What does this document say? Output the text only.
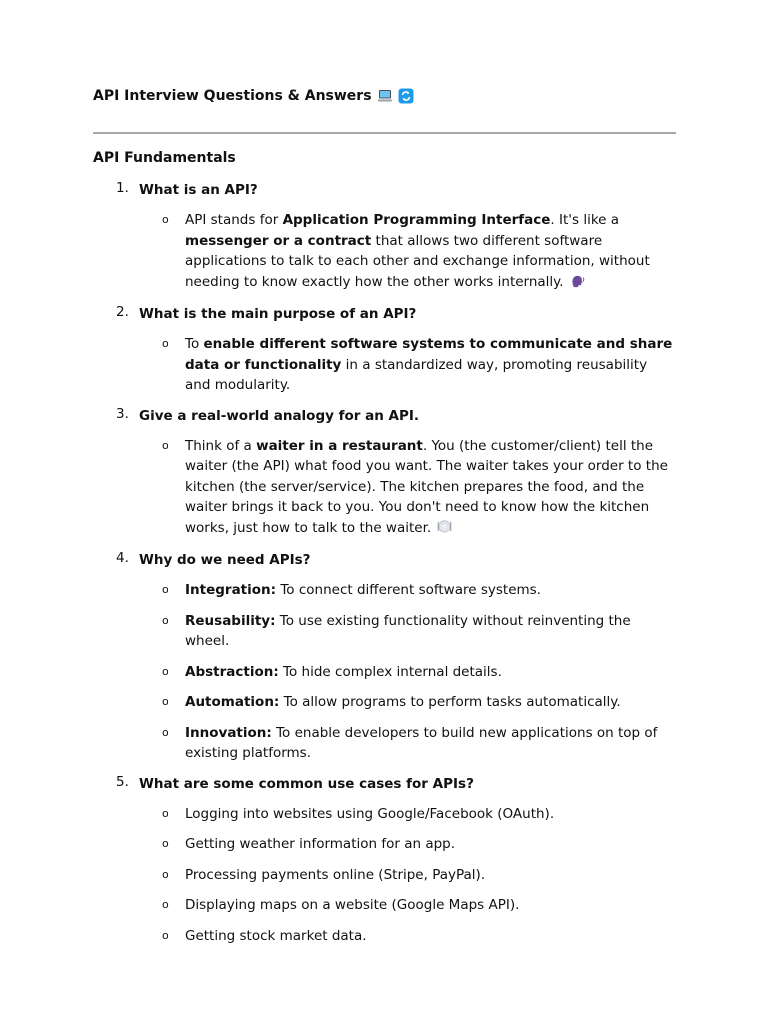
API Interview Questions & Answers
API Fundamentals
1. What is an API?
o API stands for Application Programming Interface. It's like a messenger or a contract that allows two different software applications to talk to each other and exchange information, without needing to know exactly how the other works internally.
2. What is the main purpose of an API?
o To enable different software systems to communicate and share data or functionality in a standardized way, promoting reusability and modularity.
3. Give a real-world analogy for an API.
o Think of a waiter in a restaurant. You (the customer/client) tell the waiter (the API) what food you want. The waiter takes your order to the kitchen (the server/service). The kitchen prepares the food, and the waiter brings it back to you. You don't need to know how the kitchen works, just how to talk to the waiter.
4. Why do we need APIs?
o Integration: To connect different software systems.
o Reusability: To use existing functionality without reinventing the wheel.
o Abstraction: To hide complex internal details.
o Automation: To allow programs to perform tasks automatically.
o Innovation: To enable developers to build new applications on top of existing platforms.
5. What are some common use cases for APIs?
o Logging into websites using Google/Facebook (OAuth).
o Getting weather information for an app.
o Processing payments online (Stripe, PayPal).
o Displaying maps on a website (Google Maps API).
o Getting stock market data.
